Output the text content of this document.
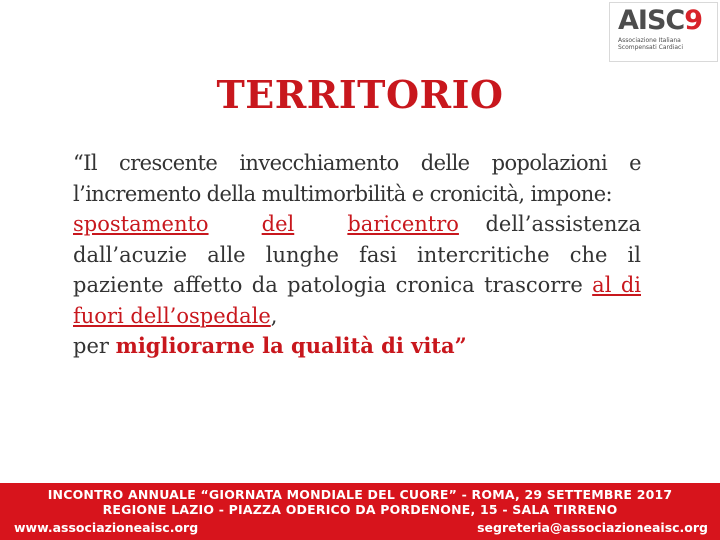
AISC9
Associazione Italiana Scompensati Cardiaci
TERRITORIO

“Il crescente invecchiamento delle popolazioni e l’incremento della multimorbilità e cronicità, impone:

spostamento	del	baricentro dell’assistenza dall’acuzie alle lunghe fasi intercritiche che il paziente affetto da patologia cronica trascorre al di fuori dell’ospedale,

per migliorarne la qualità di vita”

INCONTRO ANNUALE “GIORNATA MONDIALE DEL CUORE” - ROMA, 29 SETTEMBRE 2017
REGIONE LAZIO - PIAZZA ODERICO DA PORDENONE, 15 - SALA TIRRENO
www.associazioneaisc.org	segreteria@associazioneaisc.org
